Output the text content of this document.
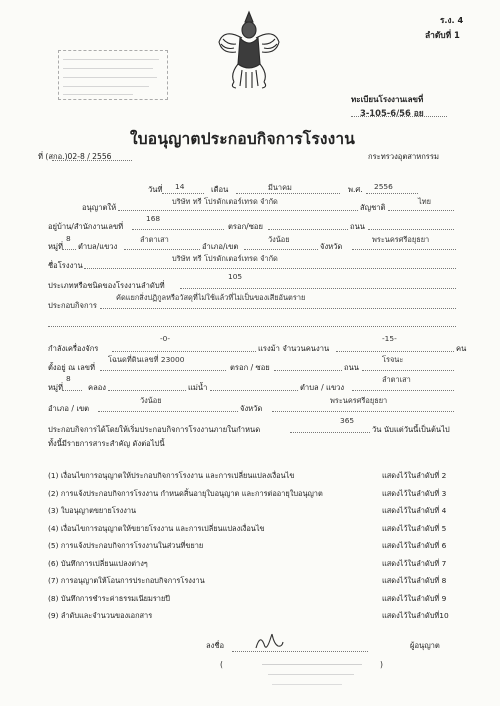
ร.ง. 4
ลำดับที่ 1
ทะเบียนโรงงานเลขที่
3-105-6/56 อย
ใบอนุญาตประกอบกิจการโรงงาน
ที่ (สกอ.)02-8 / 2556	กระทรวงอุตสาหกรรม
วันที่ 14	เดือน	มีนาคม	พ.ศ. 2556
อนุญาตให้
บริษัท ทรี โปรดักเตอร์เทรด จำกัด
สัญชาติ
ไทย
อยู่บ้าน/สำนักงานเลขที่
168
ตรอก/ซอย	ถนน
หมู่ที่
8
ตำบล/แขวง
ลำตาเสา
อำเภอ/เขต
วังน้อย
จังหวัด
พระนครศรีอยุธยา
ชื่อโรงงาน
บริษัท ทรี โปรดักเตอร์เทรด จำกัด
ประเภทหรือชนิดของโรงงานลำดับที่
105
ประกอบกิจการ
คัดแยกสิ่งปฏิกูลหรือวัสดุที่ไม่ใช้แล้วที่ไม่เป็นของเสียอันตราย
กำลังเครื่องจักร
-0-
แรงม้า จำนวนคนงาน
-15-
คน
ตั้งอยู่ ณ เลขที่
โฉนดที่ดินเลขที่ 23000
ตรอก / ซอย	ถนน
โรจนะ
หมู่ที่
8
คลอง	แม่น้ำ	ตำบล / แขวง
ลำตาเสา
อำเภอ / เขต
วังน้อย
จังหวัด
พระนครศรีอยุธยา
ประกอบกิจการได้โดยให้เริ่มประกอบกิจการโรงงานภายในกำหนด
365
วัน นับแต่วันนี้เป็นต้นไป
ทั้งนี้มีรายการสาระสำคัญ ดังต่อไปนี้
(1) เงื่อนไขการอนุญาตให้ประกอบกิจการโรงงาน และการเปลี่ยนแปลงเงื่อนไข	แสดงไว้ในลำดับที่ 2
(2) การแจ้งประกอบกิจการโรงงาน กำหนดสิ้นอายุใบอนุญาต และการต่ออายุใบอนุญาต	แสดงไว้ในลำดับที่ 3
(3) ใบอนุญาตขยายโรงงาน	แสดงไว้ในลำดับที่ 4
(4) เงื่อนไขการอนุญาตให้ขยายโรงงาน และการเปลี่ยนแปลงเงื่อนไข	แสดงไว้ในลำดับที่ 5
(5) การแจ้งประกอบกิจการโรงงานในส่วนที่ขยาย	แสดงไว้ในลำดับที่ 6
(6) บันทึกการเปลี่ยนแปลงต่างๆ	แสดงไว้ในลำดับที่ 7
(7) การอนุญาตให้โอนการประกอบกิจการโรงงาน	แสดงไว้ในลำดับที่ 8
(8) บันทึกการชำระค่าธรรมเนียมรายปี	แสดงไว้ในลำดับที่ 9
(9) ลำดับและจำนวนของเอกสาร	แสดงไว้ในลำดับที่10
ลงชื่อ	ผู้อนุญาต
(	)
